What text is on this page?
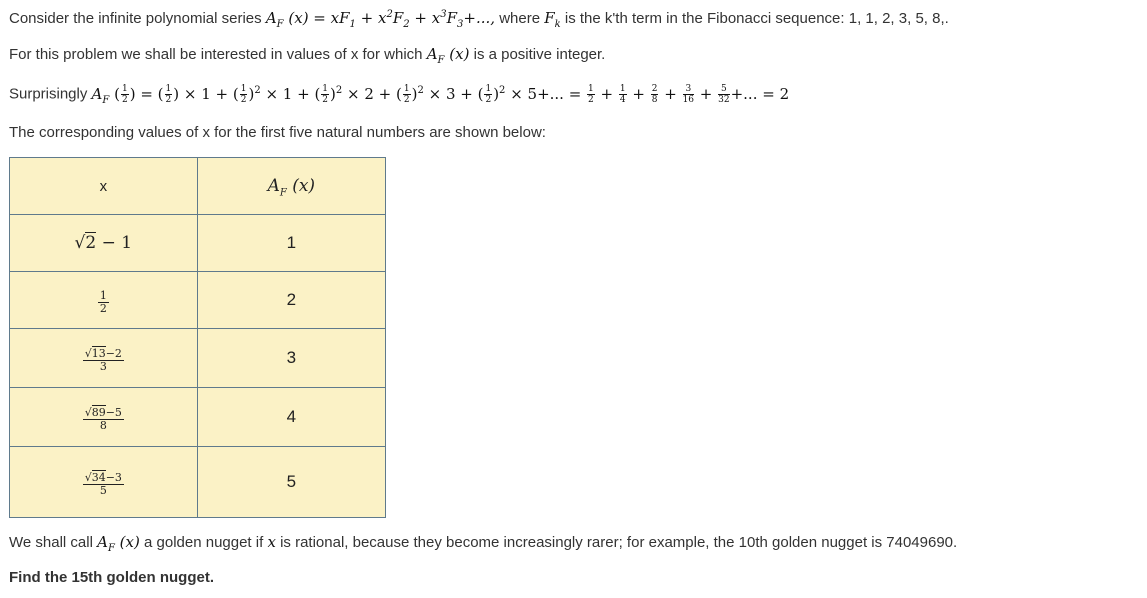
Consider the infinite polynomial series $A_F$ $(x) = xF_1 + x^2F_2 + x^3F_3+$..., where $F_k$ is the k'th term in the Fibonacci sequence: 1, 1, 2, 3, 5, 8,.
For this problem we shall be interested in values of x for which $A_F$ (x) is a positive integer.
Surprisingly $A_F$ ( $\frac{1}{2}$ ) = ( $\frac{1}{2}$ ) × 1 + ( $\frac{1}{2} )^2 \times 1$ + ( $\frac{1}{2} )^2 \times 2$ + ( $\frac{1}{2} )^2 \times 3$ + ( $\frac{1}{2} )^2 \times 5+$... = $\frac{1}{2} + \frac{1}{4} + \frac{2}{8} + \frac{3}{16} + \frac{5}{32}$ +... = 2
The corresponding values of x for the first five natural numbers are shown below:
x	$A_F$ (x)
√2 − 1	1

$\frac{1}{2}$	2

$\frac{√13-2}{3}$	3

$\frac{√89-5}{8}$	4

$\frac{√34-3}{5}$	5
We shall call $A_F$ (x) a golden nugget if x is rational, because they become increasingly rarer; for example, the 10th golden nugget is 74049690.
Find the 15th golden nugget.
